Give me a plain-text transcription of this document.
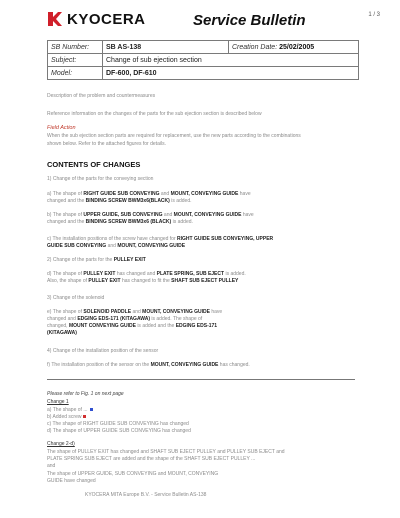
1 / 3
KYOCERA	Service Bulletin
SB Number:	SB AS-138	Creation Date: 25/02/2005
Subject:	Change of sub ejection section	
Model:	DF-600, DF-610	
Description of the problem and countermeasures
Reference information on the changes of the parts for the sub ejection section is described below
Field Action
When the sub ejection section parts are required for replacement, use the new parts according to the combinations
shown below. Refer to the attached figures for details.
CONTENTS OF CHANGES
1) Change of the parts for the conveying section
a) The shape of RIGHT GUIDE SUB CONVEYING and MOUNT, CONVEYING GUIDE have
changed and the BINDING SCREW BWM3x6(BLACK) is added.
b) The shape of UPPER GUIDE, SUB CONVEYING and MOUNT, CONVEYING GUIDE have
changed and the BINDING SCREW BWM3x6 (BLACK) is added.
c) The installation positions of the screw have changed for RIGHT GUIDE SUB CONVEYING, UPPER
GUIDE SUB CONVEYING and MOUNT, CONVEYING GUIDE
2) Change of the parts for the PULLEY EXIT
d) The shape of PULLEY EXIT has changed and PLATE SPRING, SUB EJECT is added.
Also, the shape of PULLEY EXIT has changed to fit the SHAFT SUB EJECT PULLEY
3) Change of the solenoid
e) The shape of SOLENOID PADDLE and MOUNT, CONVEYING GUIDE have
changed and EDGING EDS-171 (KITAGAWA) is added. The shape of
changed, MOUNT CONVEYING GUIDE is added and the EDGING EDS-171
(KITAGAWA)
4) Change of the installation position of the sensor
f) The installation position of the sensor on the MOUNT, CONVEYING GUIDE has changed.
Please refer to Fig. 1 on next page
Change 1
a) The shape of ...
b) Added screw
c) The shape of RIGHT GUIDE SUB CONVEYING has changed
d) The shape of UPPER GUIDE SUB CONVEYING has changed
Change 2-d)
The shape of PULLEY EXIT has changed and SHAFT SUB EJECT PULLEY and PULLEY SUB EJECT and
PLATE SPRING SUB EJECT are added and the shape of the SHAFT SUB EJECT PULLEY ...
and
The shape of UPPER GUIDE, SUB CONVEYING and MOUNT, CONVEYING
GUIDE have changed
KYOCERA MITA Europe B.V. - Service Bulletin AS-138
